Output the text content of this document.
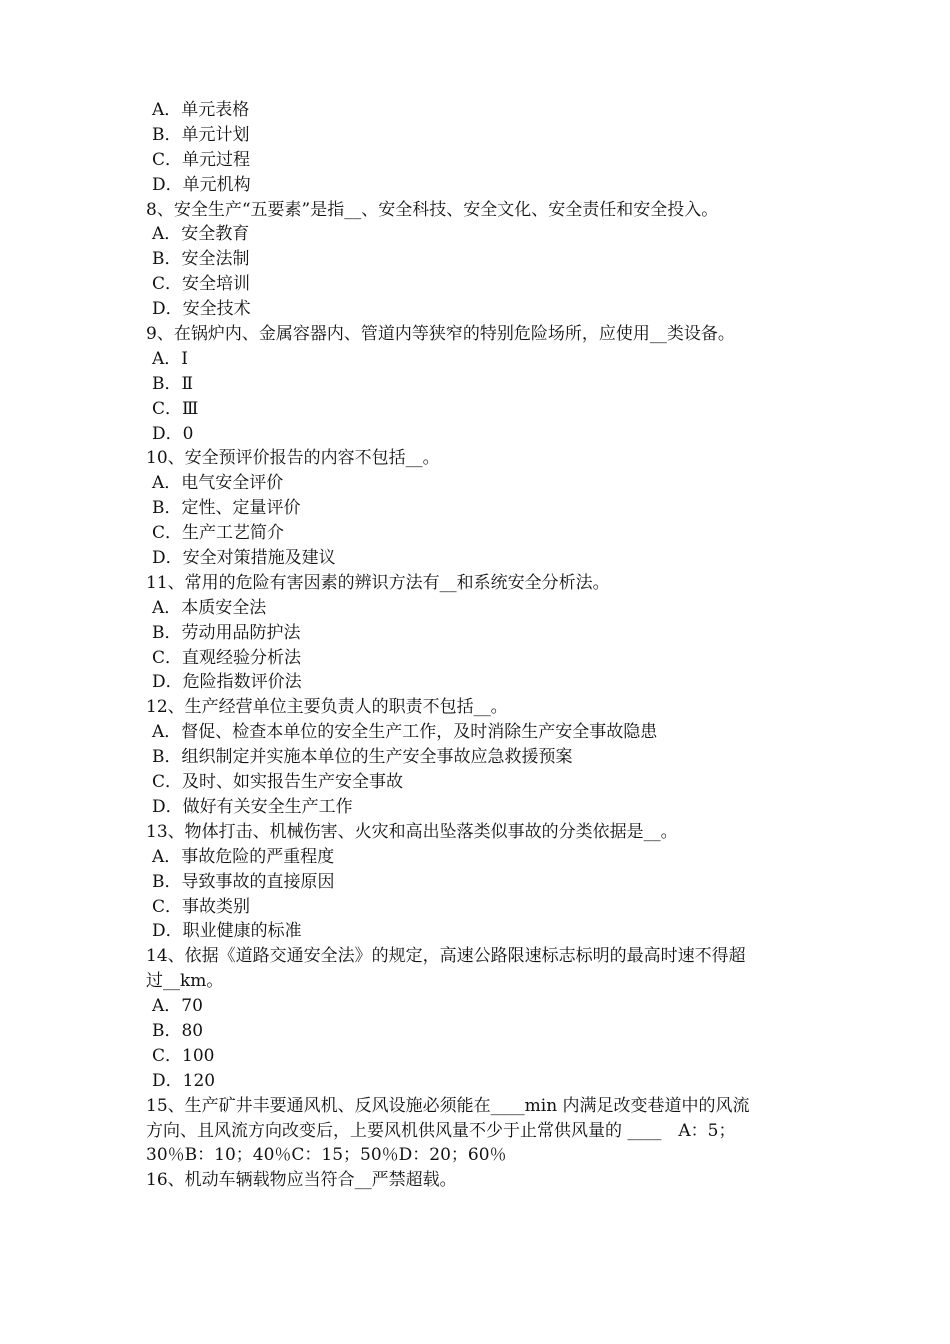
A．单元表格
B．单元计划
C．单元过程
D．单元机构
8、安全生产“五要素”是指__、安全科技、安全文化、安全责任和安全投入。
A．安全教育
B．安全法制
C．安全培训
D．安全技术
9、在锅炉内、金属容器内、管道内等狭窄的特别危险场所，应使用__类设备。
A．Ⅰ
B．Ⅱ
C．Ⅲ
D．0
10、安全预评价报告的内容不包括__。
A．电气安全评价
B．定性、定量评价
C．生产工艺简介
D．安全对策措施及建议
11、常用的危险有害因素的辨识方法有__和系统安全分析法。
A．本质安全法
B．劳动用品防护法
C．直观经验分析法
D．危险指数评价法
12、生产经营单位主要负责人的职责不包括__。
A．督促、检查本单位的安全生产工作，及时消除生产安全事故隐患
B．组织制定并实施本单位的生产安全事故应急救援预案
C．及时、如实报告生产安全事故
D．做好有关安全生产工作
13、物体打击、机械伤害、火灾和高出坠落类似事故的分类依据是__。
A．事故危险的严重程度
B．导致事故的直接原因
C．事故类别
D．职业健康的标准
14、依据《道路交通安全法》的规定，高速公路限速标志标明的最高时速不得超
过__km。
A．70
B．80
C．100
D．120
15、生产矿井丰要通风机、反风设施必须能在____min 内满足改变巷道中的风流
方向、且风流方向改变后，上要风机供风量不少于止常供风量的 ____　A：5；
30％B：10；40％C：15；50％D：20；60％
16、机动车辆载物应当符合__严禁超载。
